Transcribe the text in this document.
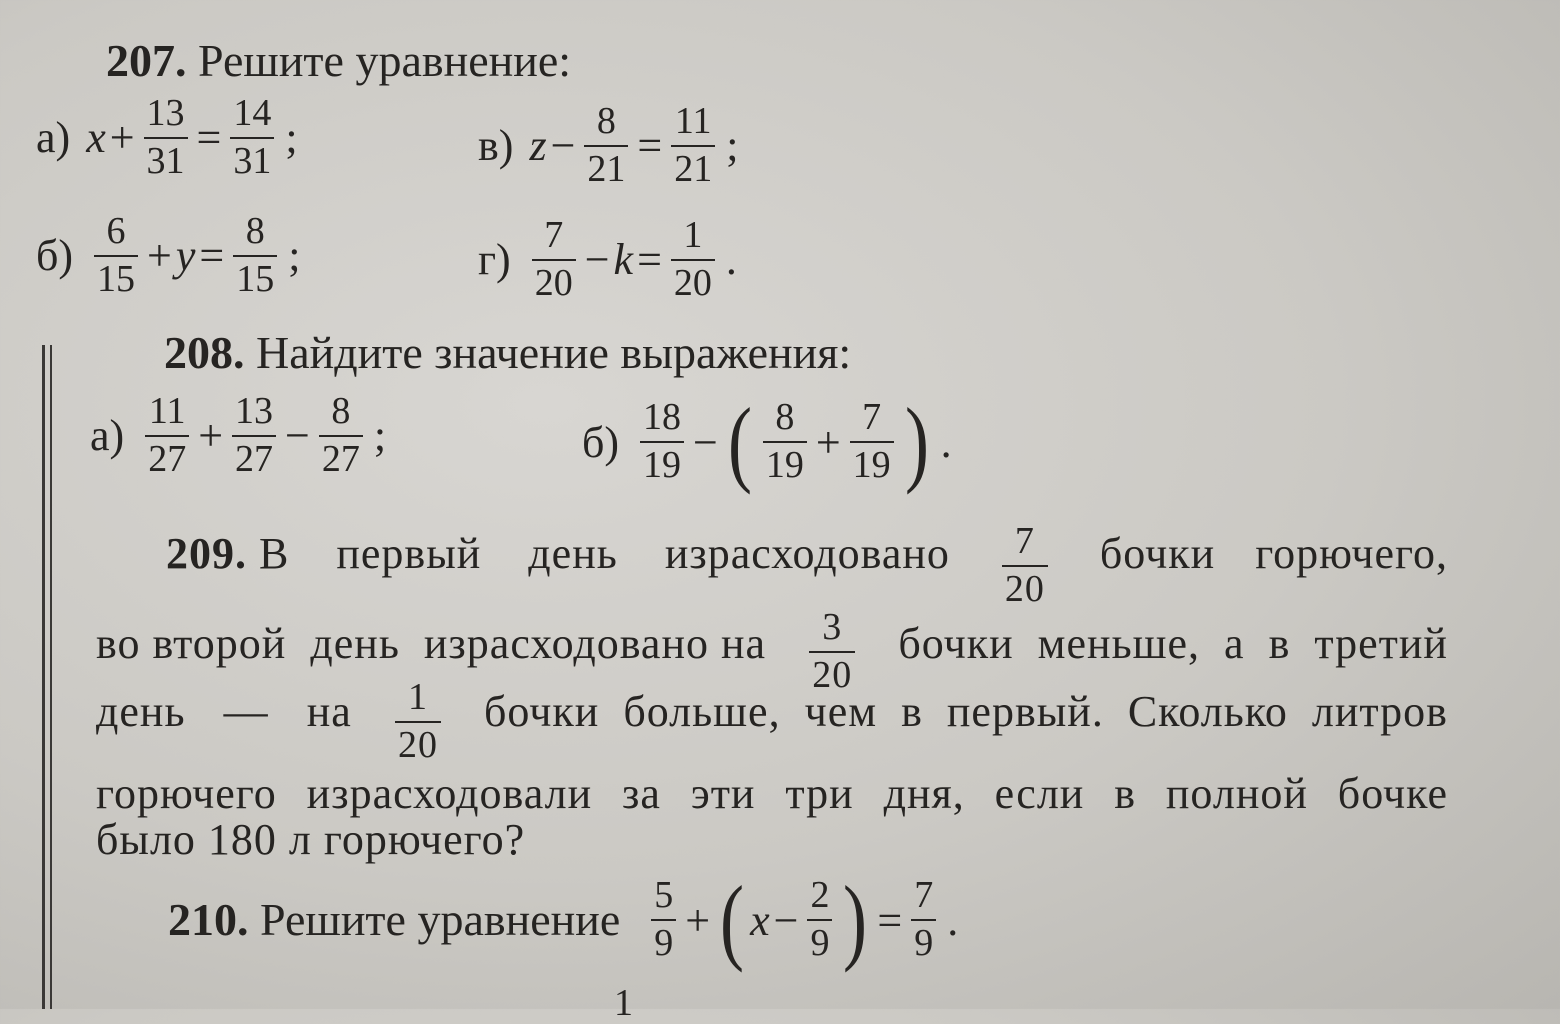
207. Решите уравнение:
а) $x + \frac{13}{31} = \frac{14}{31}$ ;	в) $z - \frac{8}{21} = \frac{11}{21}$ ;
$б) \frac{6}{15} + y = \frac{8}{15}$ ;	$г) \frac{7}{20} - k = \frac{1}{20}$ .
208. Найдите значение выражения:
$а) \frac{11}{27} + \frac{13}{27} - \frac{8}{27}$ ;	$б) \frac{18}{19}$ − ( $\frac{8}{19} + \frac{7}{19}$ ) .
209. В первый день израсходовано $\frac{7}{20}$ бочки горючего,
во второй  день  израсходовано на $\frac{3}{20}$ бочки  меньше,  а  в  третий
день — на $\frac{1}{20}$ бочки  больше,  чем  в  первый.  Сколько  литров
горючего  израсходовали  за  эти  три  дня,  если  в  полной  бочке
было 180 л горючего?
210. Решите уравнение $\frac{5}{9}$ + ( $x - \frac{2}{9}$ ) = $\frac{7}{9}$ .
1
